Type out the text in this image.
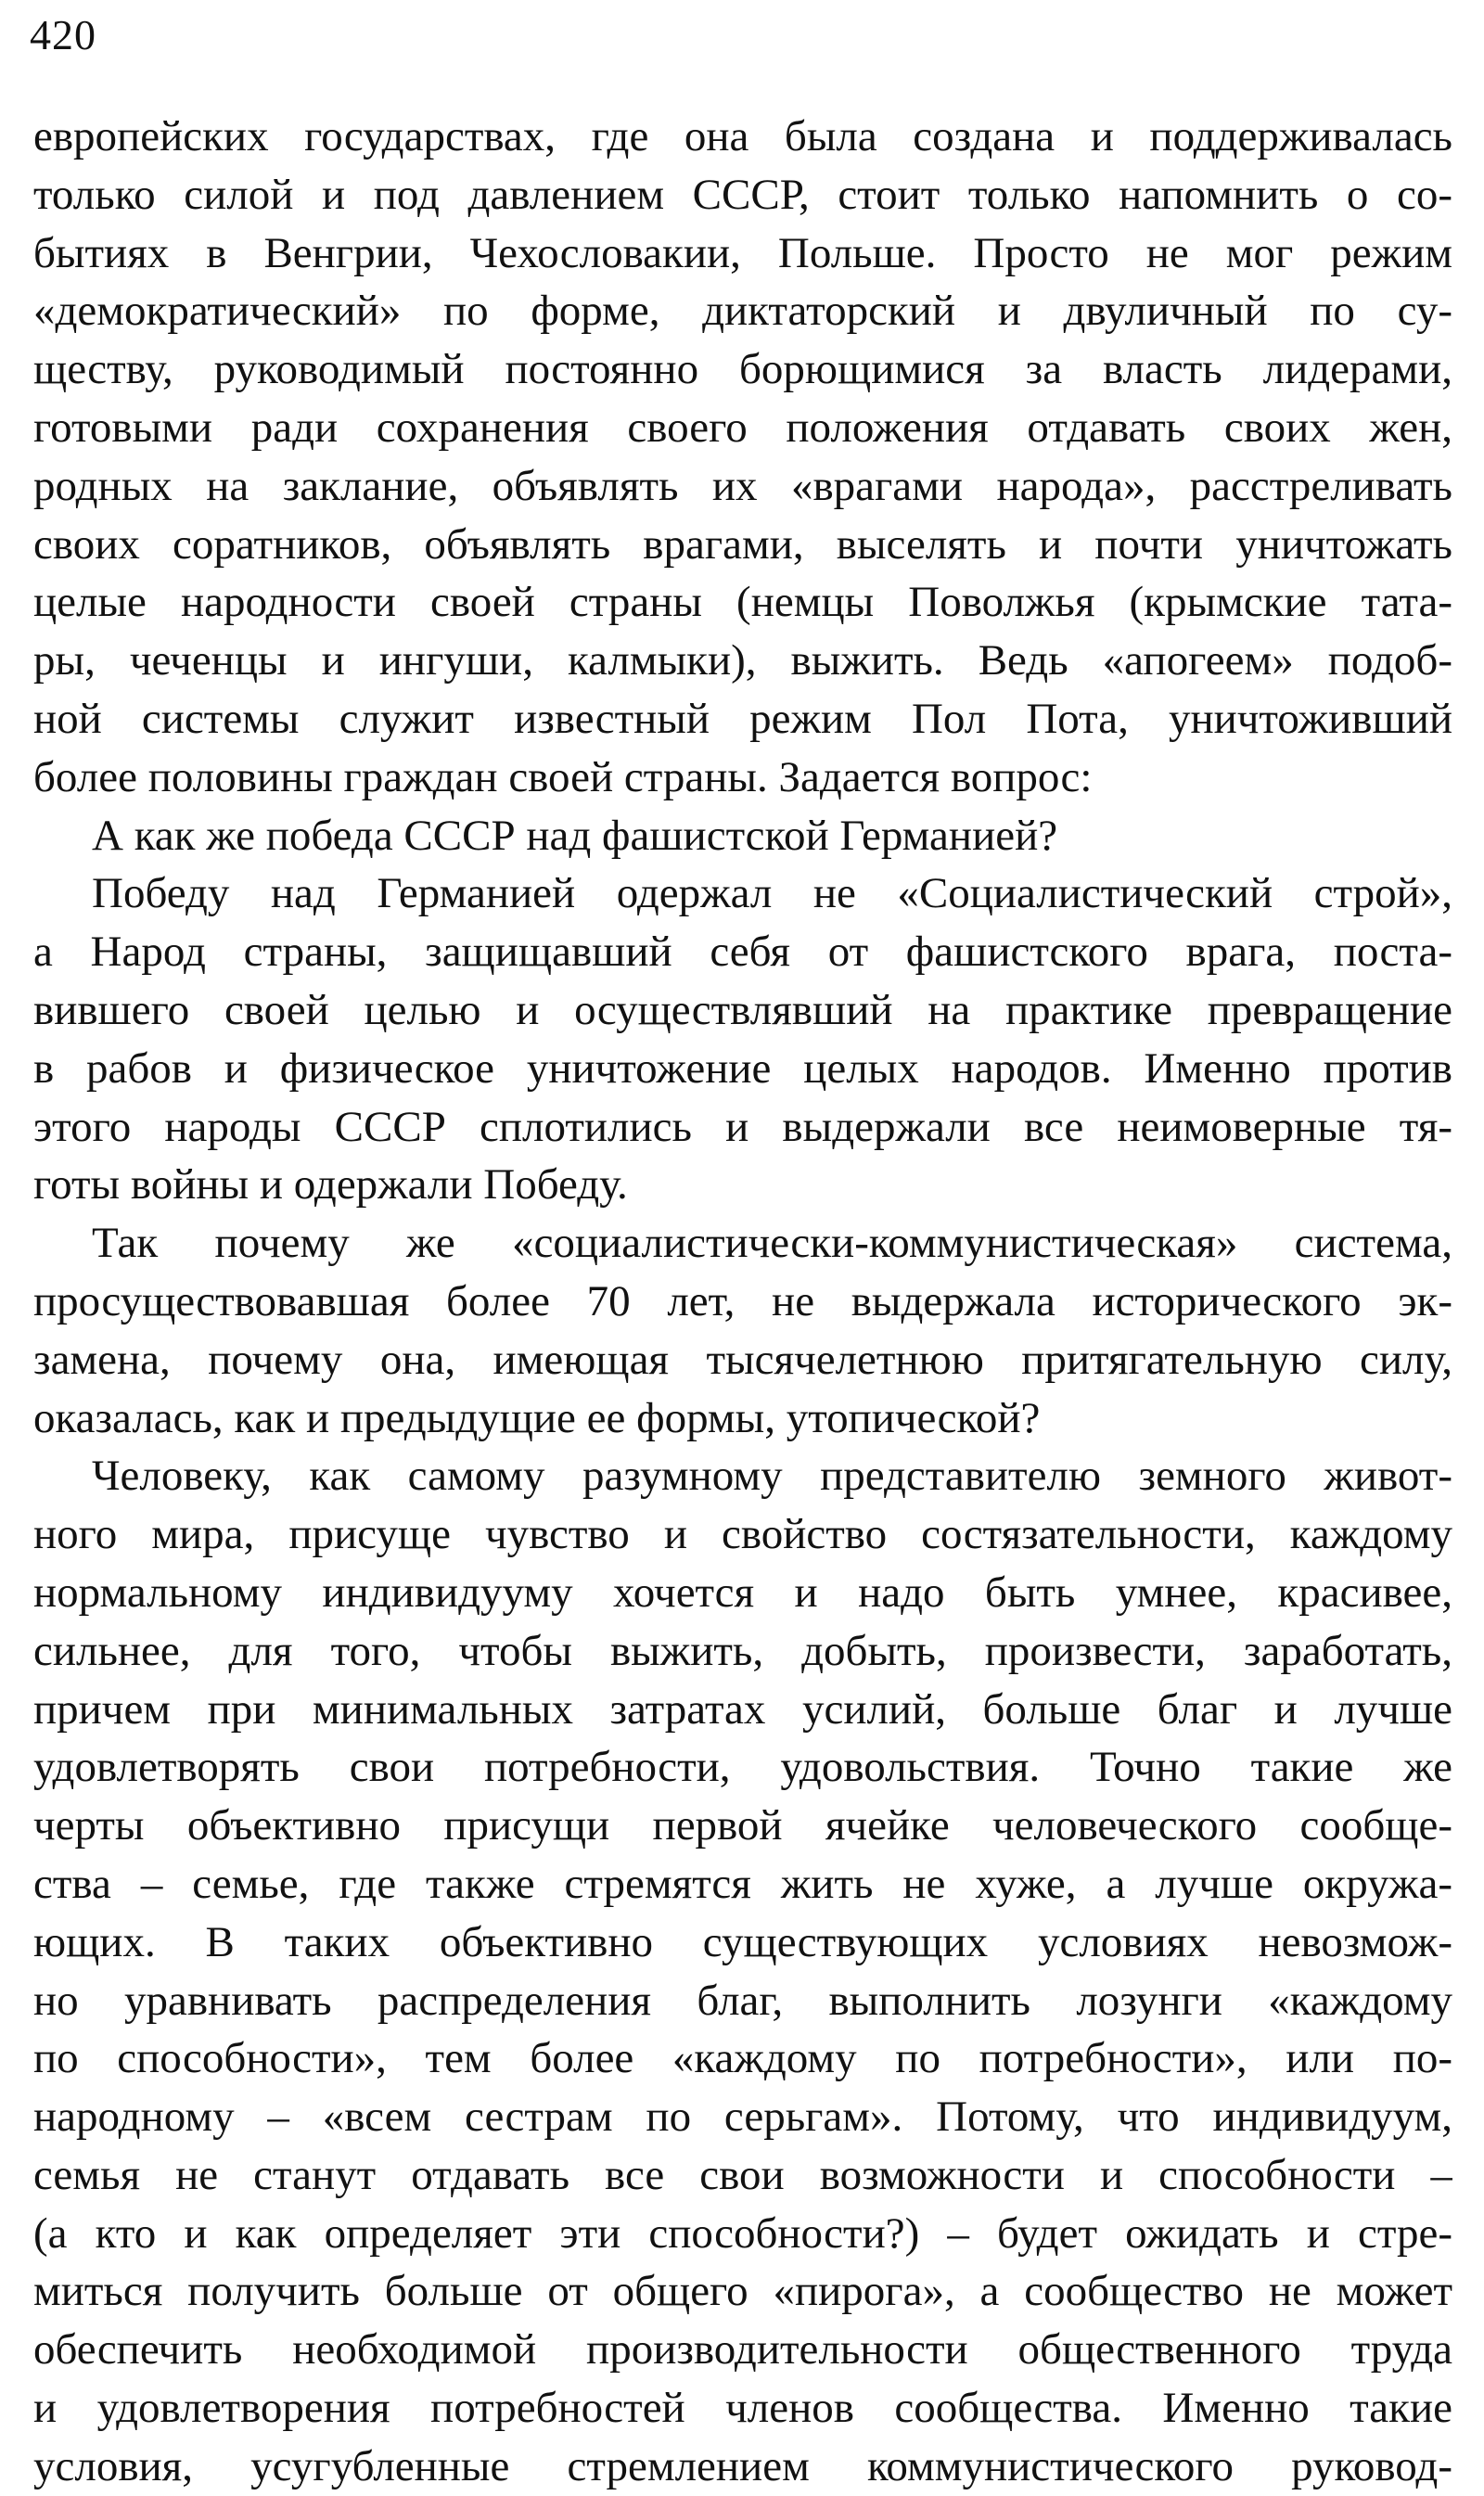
420
европейских государствах, где она была создана и поддерживалась
только силой и под давлением СССР, стоит только напомнить о со-
бытиях в Венгрии, Чехословакии, Польше. Просто не мог режим
«демократический» по форме, диктаторский и двуличный по су-
ществу, руководимый постоянно борющимися за власть лидерами,
готовыми ради сохранения своего положения отдавать своих жен,
родных на заклание, объявлять их «врагами народа», расстреливать
своих соратников, объявлять врагами, выселять и почти уничтожать
целые народности своей страны (немцы Поволжья (крымские тата-
ры, чеченцы и ингуши, калмыки), выжить. Ведь «апогеем» подоб-
ной системы служит известный режим Пол Пота, уничтоживший
более половины граждан своей страны. Задается вопрос:
А как же победа СССР над фашистской Германией?
Победу над Германией одержал не «Социалистический строй»,
а Народ страны, защищавший себя от фашистского врага, поста-
вившего своей целью и осуществлявший на практике превращение
в рабов и физическое уничтожение целых народов. Именно против
этого народы СССР сплотились и выдержали все неимоверные тя-
готы войны и одержали Победу.
Так почему же «социалистически-коммунистическая» система,
просуществовавшая более 70 лет, не выдержала исторического эк-
замена, почему она, имеющая тысячелетнюю притягательную силу,
оказалась, как и предыдущие ее формы, утопической?
Человеку, как самому разумному представителю земного живот-
ного мира, присуще чувство и свойство состязательности, каждому
нормальному индивидууму хочется и надо быть умнее, красивее,
сильнее, для того, чтобы выжить, добыть, произвести, заработать,
причем при минимальных затратах усилий, больше благ и лучше
удовлетворять свои потребности, удовольствия. Точно такие же
черты объективно присущи первой ячейке человеческого сообще-
ства – семье, где также стремятся жить не хуже, а лучше окружа-
ющих. В таких объективно существующих условиях невозмож-
но уравнивать распределения благ, выполнить лозунги «каждому
по способности», тем более «каждому по потребности», или по-
народному – «всем сестрам по серьгам». Потому, что индивидуум,
семья не станут отдавать все свои возможности и способности –
(а кто и как определяет эти способности?) – будет ожидать и стре-
миться получить больше от общего «пирога», а сообщество не может
обеспечить необходимой производительности общественного труда
и удовлетворения потребностей членов сообщества. Именно такие
условия, усугубленные стремлением коммунистического руковод-
